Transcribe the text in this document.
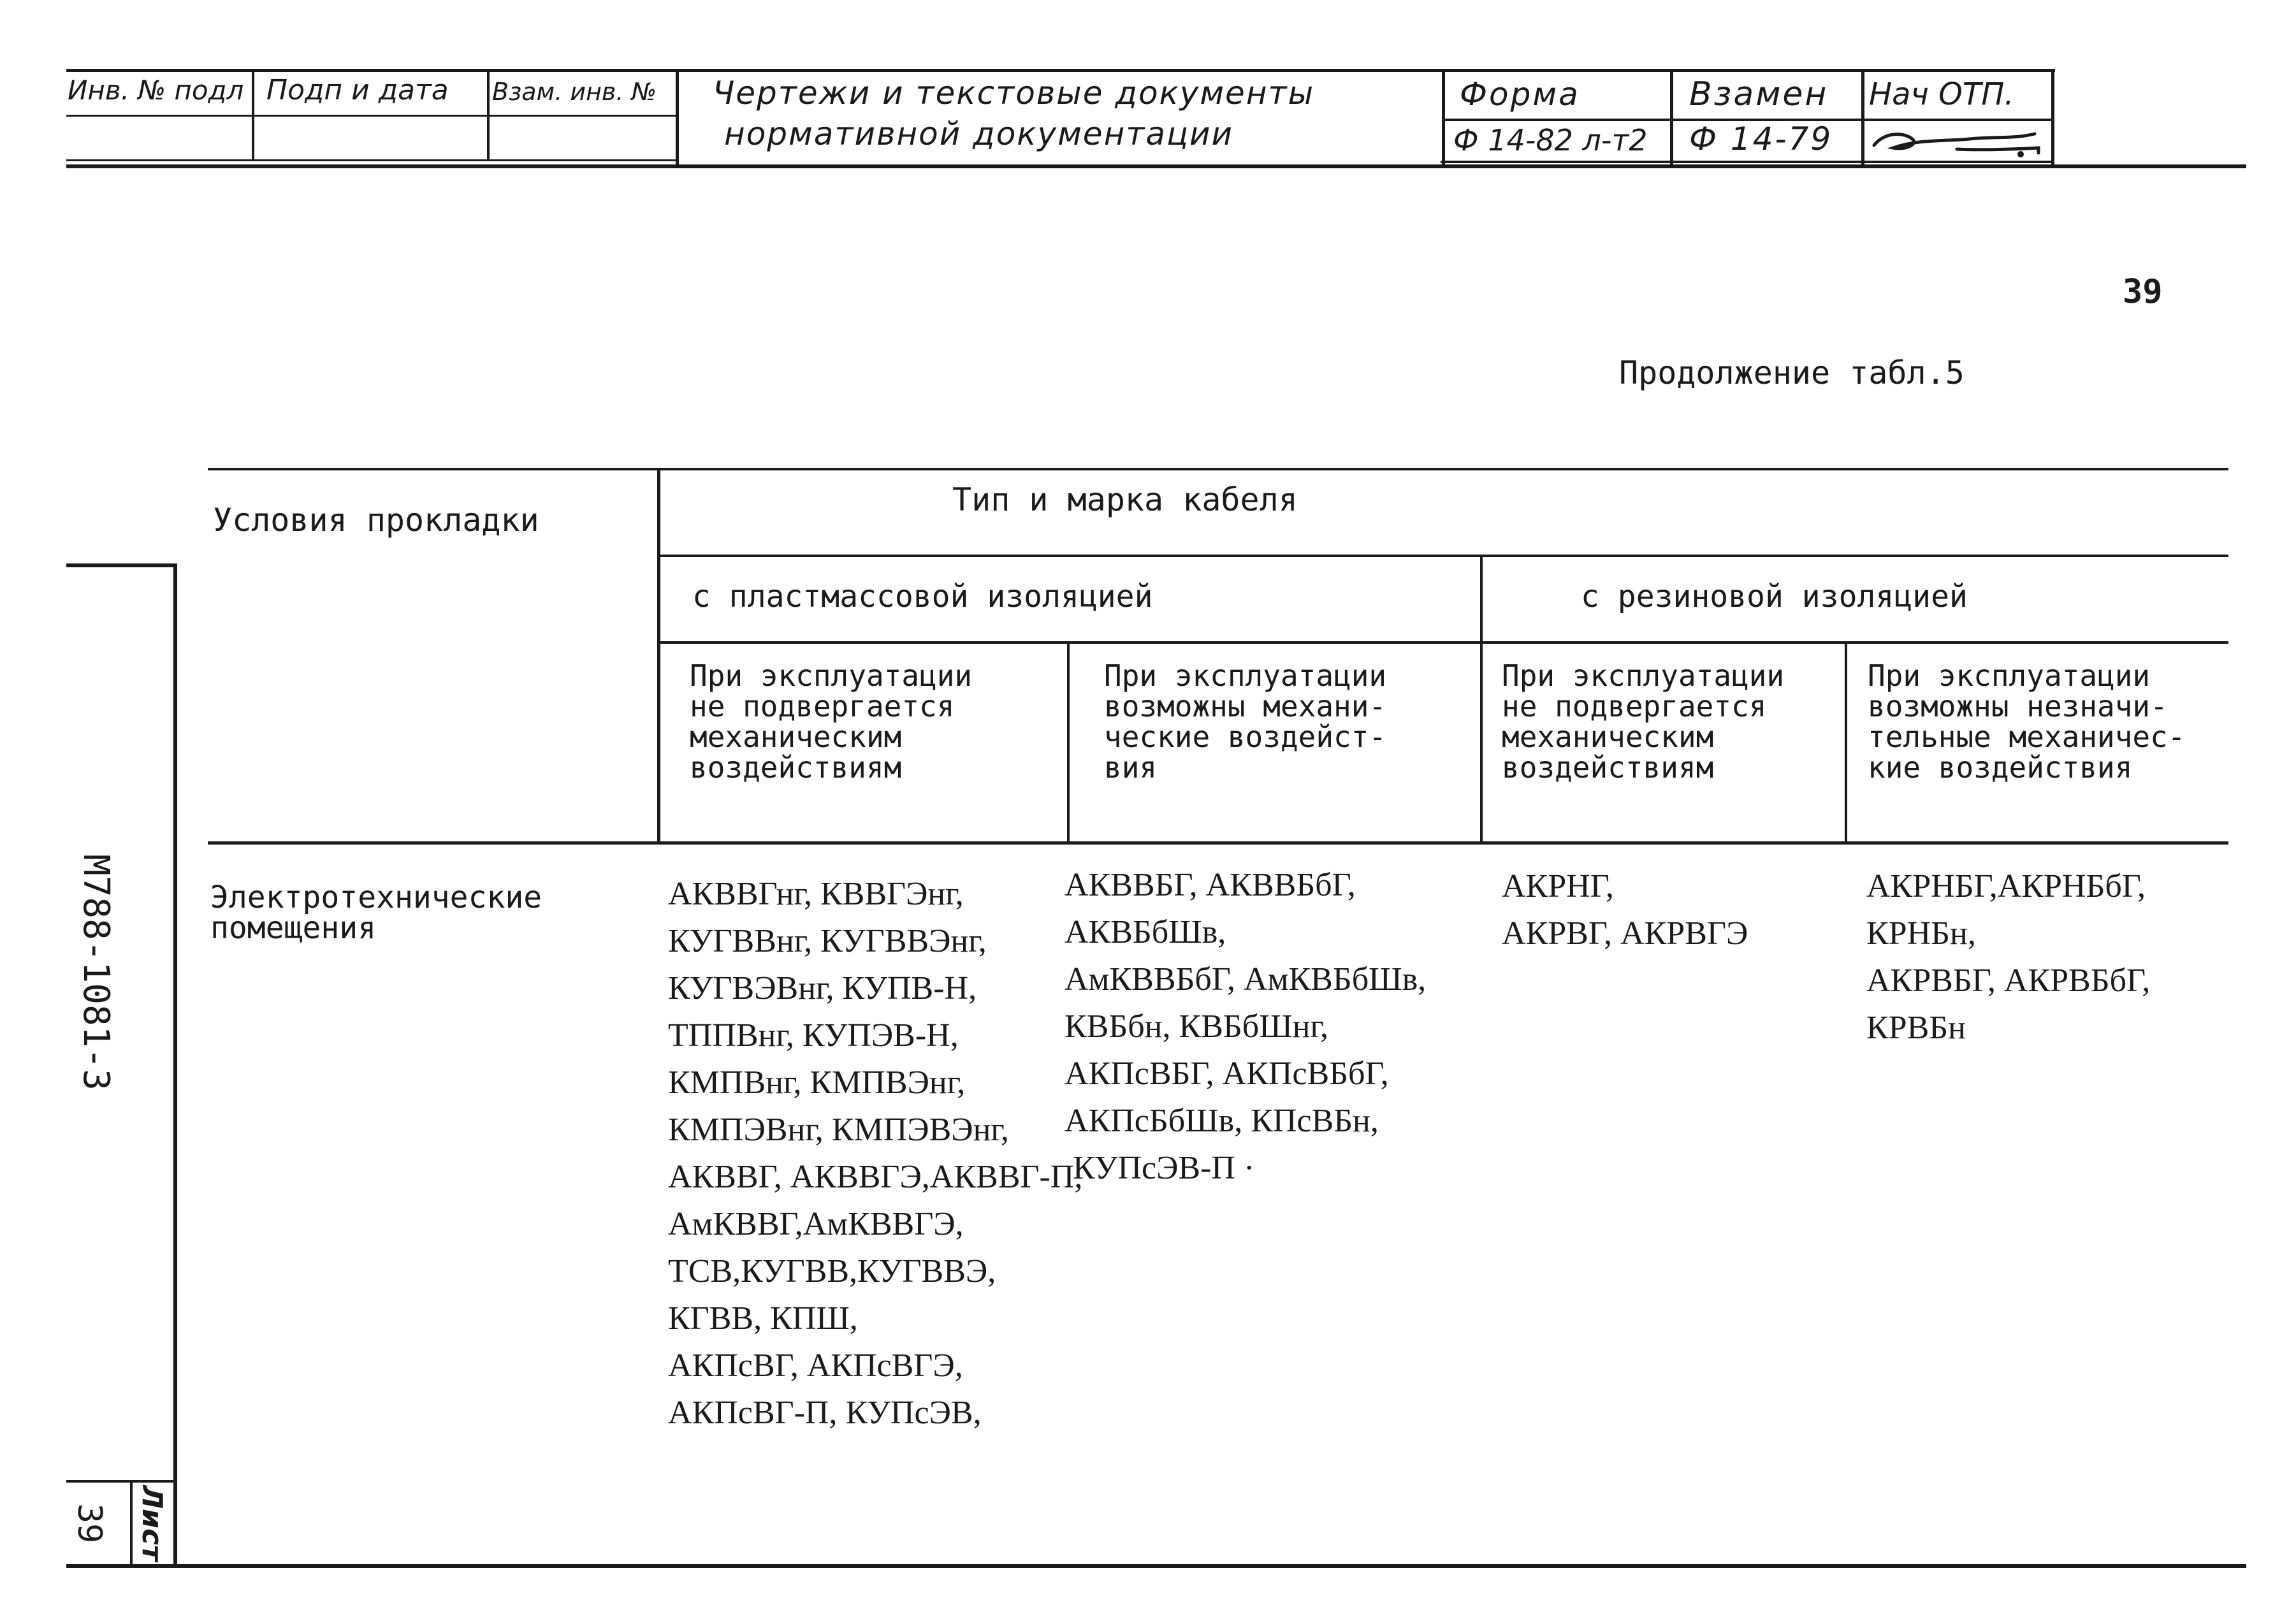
Инв. № подл Подп и дата Взам. инв. № Чертежи и текстовые документы
нормативной документации
Форма
Ф 14-82 л-т2
Взамен
Ф 14-79
Нач ОТП.
39
Продолжение табл.5
М788-1081-3
Лист
39
Условия прокладки
Тип и марка кабеля
с пластмассовой изоляцией	с резиновой изоляцией
При эксплуатации
не подвергается
механическим
воздействиям
При эксплуатации
возможны механи-
ческие воздейст-
вия
При эксплуатации
не подвергается
механическим
воздействиям
При эксплуатации
возможны незначи-
тельные механичес-
кие воздействия
Электротехнические
помещения
АКВВГнг, КВВГЭнг,
КУГВВнг, КУГВВЭнг,
КУГВЭВнг, КУПВ-Н,
ТППВнг, КУПЭВ-Н,
КМПВнг, КМПВЭнг,
КМПЭВнг, КМПЭВЭнг,
АКВВГ, АКВВГЭ,АКВВГ-П,
АмКВВГ,АмКВВГЭ,
ТСВ,КУГВВ,КУГВВЭ,
КГВВ, КПШ,
АКПсВГ, АКПсВГЭ,
АКПсВГ-П, КУПсЭВ,
АКВВБГ, АКВВБбГ,
АКВБбШв,
АмКВВБбГ, АмКВБбШв,
КВБбн, КВБбШнг,
АКПсВБГ, АКПсВБбГ,
АКПсБбШв, КПсВБн,
КУПсЭВ-П ·
АКРНГ,
АКРВГ, АКРВГЭ
АКРНБГ,АКРНБбГ,
КРНБн,
АКРВБГ, АКРВБбГ,
КРВБн
